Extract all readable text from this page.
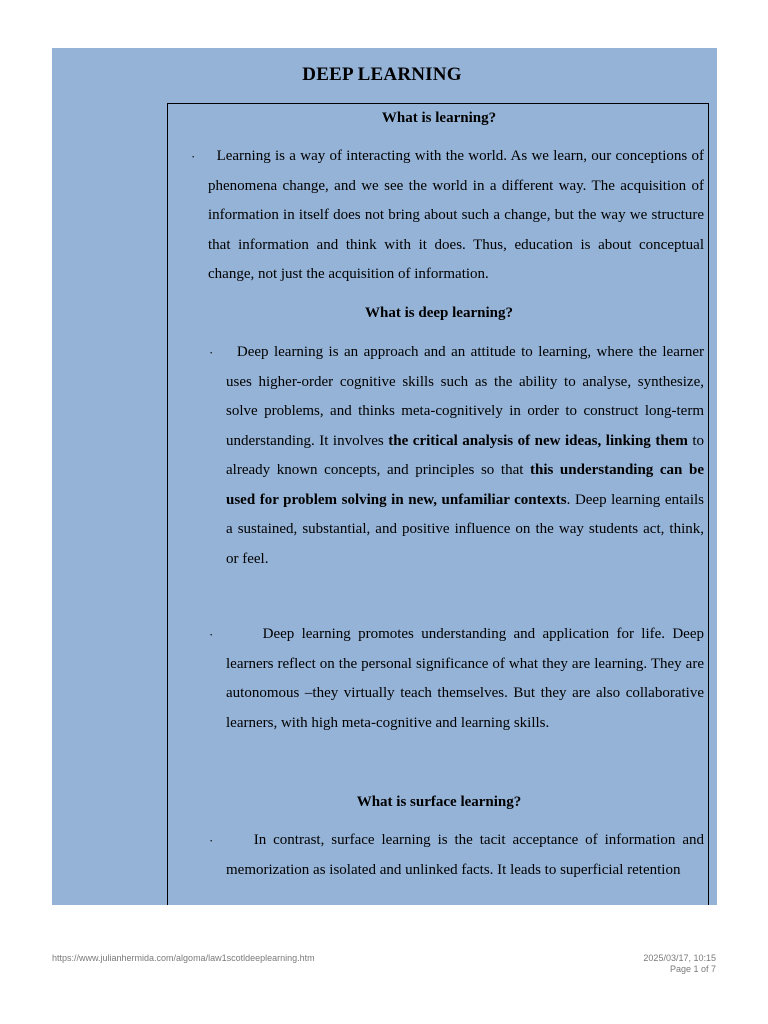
DEEP LEARNING
What is learning?
· Learning is a way of interacting with the world. As we learn, our conceptions of phenomena change, and we see the world in a different way. The acquisition of information in itself does not bring about such a change, but the way we structure that information and think with it does. Thus, education is about conceptual change, not just the acquisition of information.
What is deep learning?
· Deep learning is an approach and an attitude to learning, where the learner uses higher-order cognitive skills such as the ability to analyse, synthesize, solve problems, and thinks meta-cognitively in order to construct long-term understanding. It involves the critical analysis of new ideas, linking them to already known concepts, and principles so that this understanding can be used for problem solving in new, unfamiliar contexts. Deep learning entails a sustained, substantial, and positive influence on the way students act, think, or feel.
·	Deep learning promotes understanding and application for life. Deep learners reflect on the personal significance of what they are learning. They are autonomous –they virtually teach themselves. But they are also collaborative learners, with high meta-cognitive and learning skills.
What is surface learning?
·	In contrast, surface learning is the tacit acceptance of information and memorization as isolated and unlinked facts. It leads to superficial retention
https://www.julianhermida.com/algoma/law1scotldeeplearning.htm	2025/03/17, 10:15
Page 1 of 7
